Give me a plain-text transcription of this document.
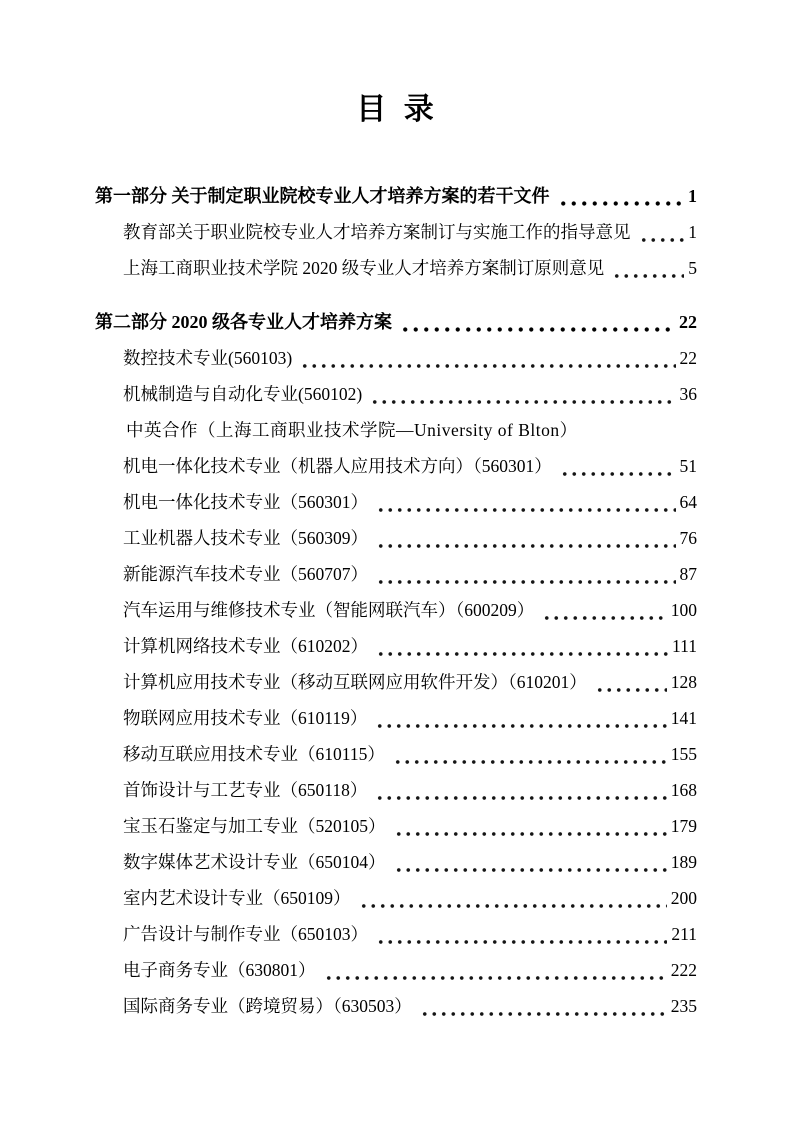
目 录
第一部分 关于制定职业院校专业人才培养方案的若干文件	1
教育部关于职业院校专业人才培养方案制订与实施工作的指导意见	1
上海工商职业技术学院 2020 级专业人才培养方案制订原则意见	5
第二部分 2020 级各专业人才培养方案	22
数控技术专业(560103)	22
机械制造与自动化专业(560102)	36
中英合作（上海工商职业技术学院—University of Blton）
机电一体化技术专业（机器人应用技术方向）（560301）	51
机电一体化技术专业（560301）	64
工业机器人技术专业（560309）	76
新能源汽车技术专业（560707）	87
汽车运用与维修技术专业（智能网联汽车）（600209）	100
计算机网络技术专业（610202）	111
计算机应用技术专业（移动互联网应用软件开发）（610201）	128
物联网应用技术专业（610119）	141
移动互联应用技术专业（610115）	155
首饰设计与工艺专业（650118）	168
宝玉石鉴定与加工专业（520105）	179
数字媒体艺术设计专业（650104）	189
室内艺术设计专业（650109）	200
广告设计与制作专业（650103）	211
电子商务专业（630801）	222
国际商务专业（跨境贸易）（630503）	235
